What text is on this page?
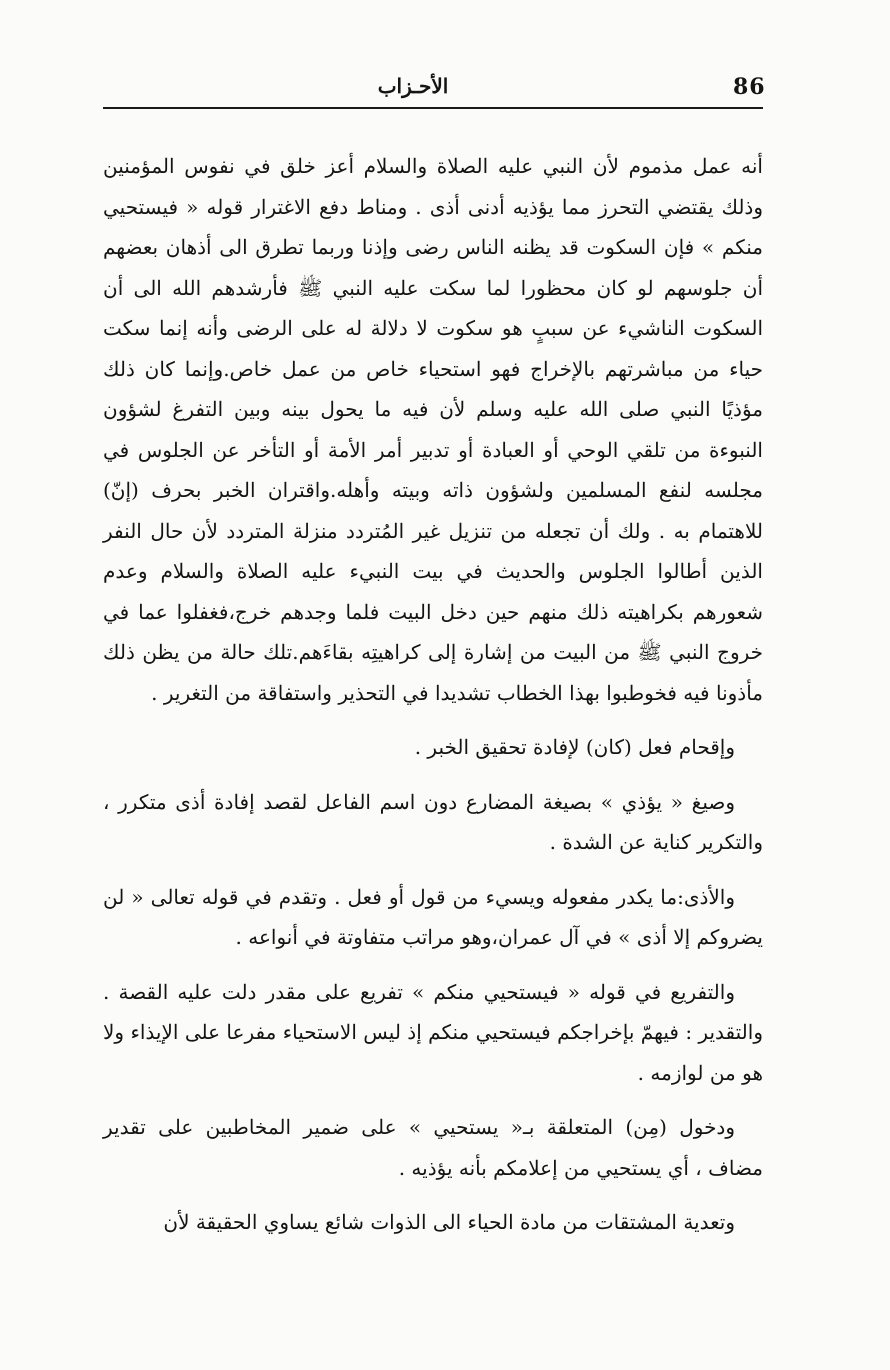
86
الأحـزاب

أنه عمل مذموم لأن النبي عليه الصلاة والسلام أعز خلق في نفوس المؤمنين وذلك يقتضي التحرز مما يؤذيه أدنى أذى . ومناط دفع الاغترار قوله « فيستحيي منكم » فإن السكوت قد يظنه الناس رضى وإذنا وربما تطرق الى أذهان بعضهم أن جلوسهم لو كان محظورا لما سكت عليه النبي ﷺ فأرشدهم الله الى أن السكوت الناشيء عن سببٍ هو سكوت لا دلالة له على الرضى وأنه إنما سكت حياء من مباشرتهم بالإخراج فهو استحياء خاص من عمل خاص.وإنما كان ذلك مؤذيًا النبي صلى الله عليه وسلم لأن فيه ما يحول بينه وبين التفرغ لشؤون النبوءة من تلقي الوحي أو العبادة أو تدبير أمر الأمة أو التأخر عن الجلوس في مجلسه لنفع المسلمين ولشؤون ذاته وبيته وأهله.واقتران الخبر بحرف (إنّ) للاهتمام به . ولك أن تجعله من تنزيل غير المُتردد منزلة المتردد لأن حال النفر الذين أطالوا الجلوس والحديث في بيت النبيء عليه الصلاة والسلام وعدم شعورهم بكراهيته ذلك منهم حين دخل البيت فلما وجدهم خرج،فغفلوا عما في خروج النبي ﷺ من البيت من إشارة إلى كراهيتِه بقاءَهم.تلك حالة من يظن ذلك مأذونا فيه فخوطبوا بهذا الخطاب تشديدا في التحذير واستفاقة من التغرير .

وإقحام فعل (كان) لإفادة تحقيق الخبر .

وصيغ « يؤذي » بصيغة المضارع دون اسم الفاعل لقصد إفادة أذى متكرر ، والتكرير كناية عن الشدة .

والأذى:ما يكدر مفعوله ويسيء من قول أو فعل . وتقدم في قوله تعالى « لن يضروكم إلا أذى » في آل عمران،وهو مراتب متفاوتة في أنواعه .

والتفريع في قوله « فيستحيي منكم » تفريع على مقدر دلت عليه القصة . والتقدير : فيهمّ بإخراجكم فيستحيي منكم إذ ليس الاستحياء مفرعا على الإيذاء ولا هو من لوازمه .

ودخول (مِن) المتعلقة بـ« يستحيي » على ضمير المخاطبين على تقدير مضاف ، أي يستحيي من إعلامكم بأنه يؤذيه .

وتعدية المشتقات من مادة الحياء الى الذوات شائع يساوي الحقيقة لأن
